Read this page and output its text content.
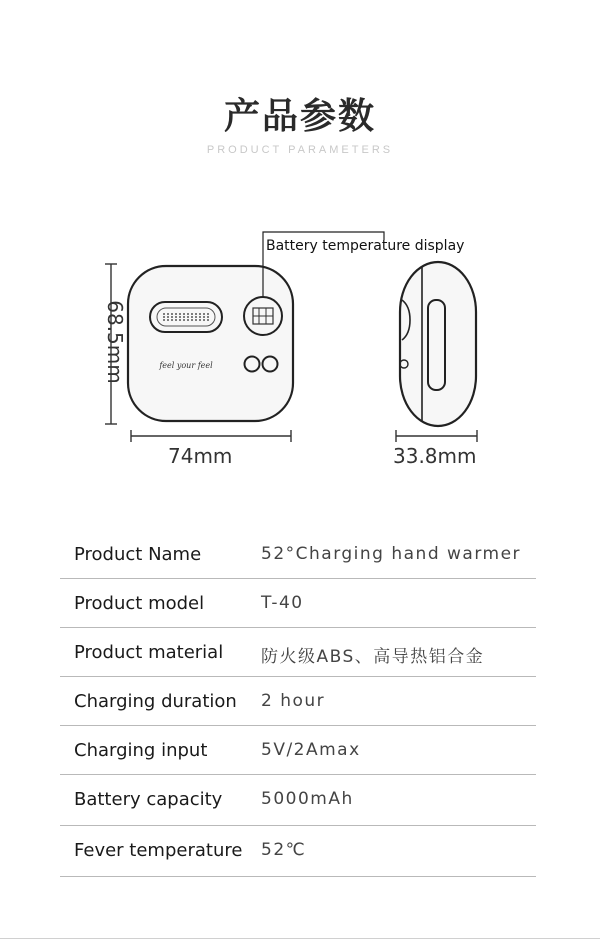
产品参数
PRODUCT PARAMETERS
feel your feel
Battery temperature display
74mm	33.8mm
68.5mm
Product Name	52°Charging hand warmer
Product model	T-40
Product material 防火级ABS、高导热铝合金
Charging duration 2 hour
Charging input	5V/2Amax
Battery capacity 5000mAh
Fever temperature 52℃
